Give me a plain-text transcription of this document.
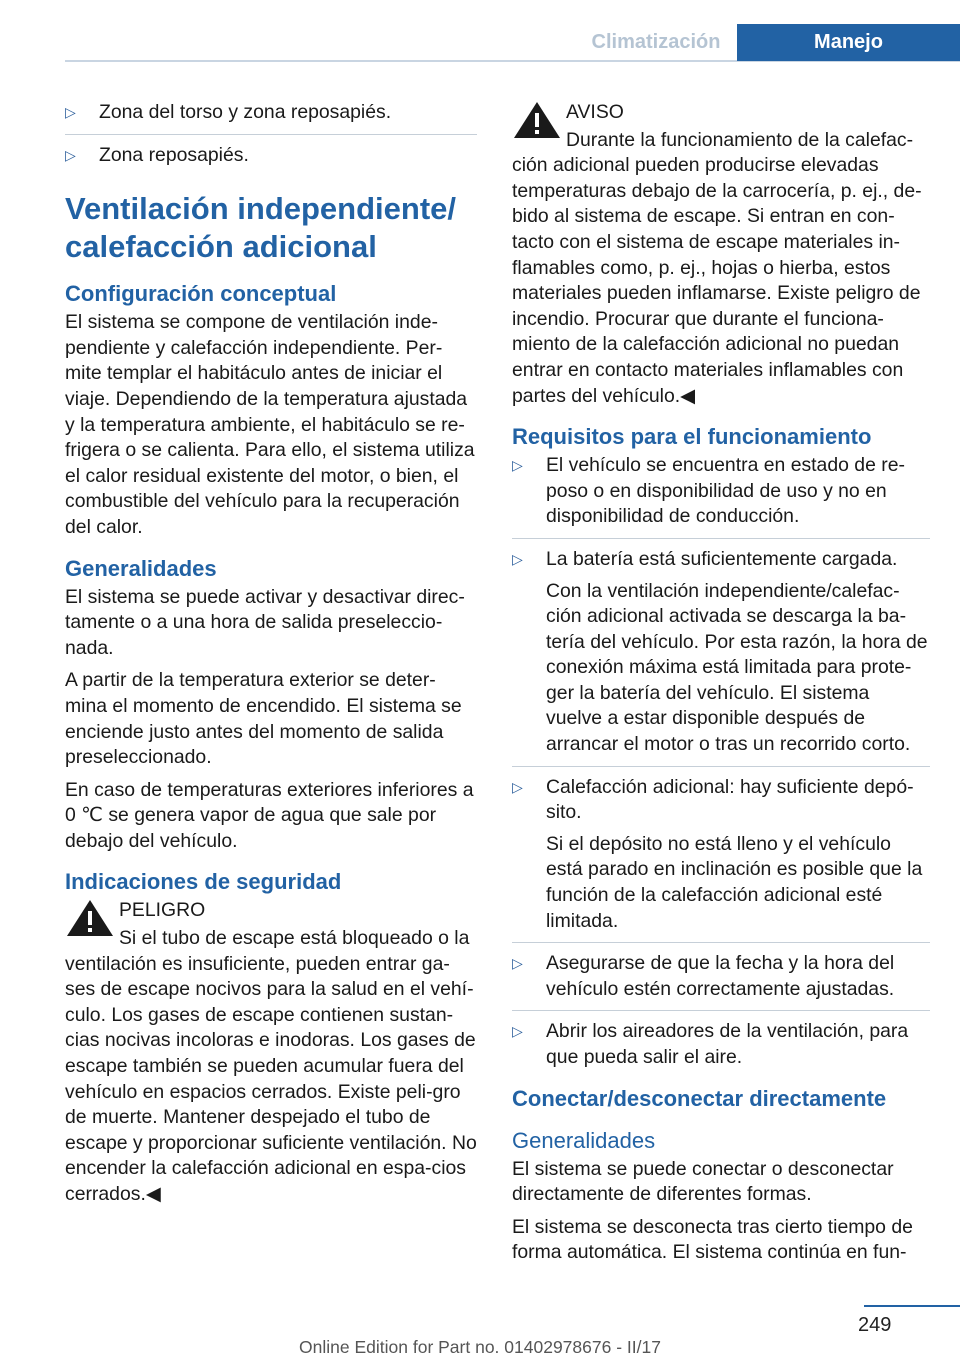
Climatización	Manejo
▷ Zona del torso y zona reposapiés.
▷ Zona reposapiés.
Ventilación independiente/ calefacción adicional
Configuración conceptual

El sistema se compone de ventilación inde-pendiente y calefacción independiente. Per-mite templar el habitáculo antes de iniciar el viaje. Dependiendo de la temperatura ajustada y la temperatura ambiente, el habitáculo se re-frigera o se calienta. Para ello, el sistema utiliza el calor residual existente del motor, o bien, el combustible del vehículo para la recuperación del calor.

Generalidades

El sistema se puede activar y desactivar direc-tamente o a una hora de salida preseleccio-nada.

A partir de la temperatura exterior se deter-mina el momento de encendido. El sistema se enciende justo antes del momento de salida preseleccionado.

En caso de temperaturas exteriores inferiores a 0 ℃ se genera vapor de agua que sale por debajo del vehículo.

Indicaciones de seguridad
PELIGRO
Si el tubo de escape está bloqueado o la ventilación es insuficiente, pueden entrar ga-ses de escape nocivos para la salud en el vehí-culo. Los gases de escape contienen sustan-cias nocivas incoloras e inodoras. Los gases de escape también se pueden acumular fuera del vehículo en espacios cerrados. Existe peli-gro de muerte. Mantener despejado el tubo de escape y proporcionar suficiente ventilación. No encender la calefacción adicional en espa-cios cerrados.◀
AVISO
Durante la funcionamiento de la calefac-ción adicional pueden producirse elevadas temperaturas debajo de la carrocería, p. ej., de-bido al sistema de escape. Si entran en con-tacto con el sistema de escape materiales in-flamables como, p. ej., hojas o hierba, estos materiales pueden inflamarse. Existe peligro de incendio. Procurar que durante el funciona-miento de la calefacción adicional no puedan entrar en contacto materiales inflamables con partes del vehículo.◀
Requisitos para el funcionamiento
▷ El vehículo se encuentra en estado de re-poso o en disponibilidad de uso y no en disponibilidad de conducción.
▷ La batería está suficientemente cargada.
Con la ventilación independiente/calefac-ción adicional activada se descarga la ba-tería del vehículo. Por esta razón, la hora de conexión máxima está limitada para prote-ger la batería del vehículo. El sistema vuelve a estar disponible después de arrancar el motor o tras un recorrido corto.
▷ Calefacción adicional: hay suficiente depó-sito.
Si el depósito no está lleno y el vehículo está parado en inclinación es posible que la función de la calefacción adicional esté limitada.
▷ Asegurarse de que la fecha y la hora del vehículo estén correctamente ajustadas.
▷ Abrir los aireadores de la ventilación, para que pueda salir el aire.
Conectar/desconectar directamente
Generalidades

El sistema se puede conectar o desconectar directamente de diferentes formas.

El sistema se desconecta tras cierto tiempo de forma automática. El sistema continúa en fun-

249
Online Edition for Part no. 01402978676 - II/17
